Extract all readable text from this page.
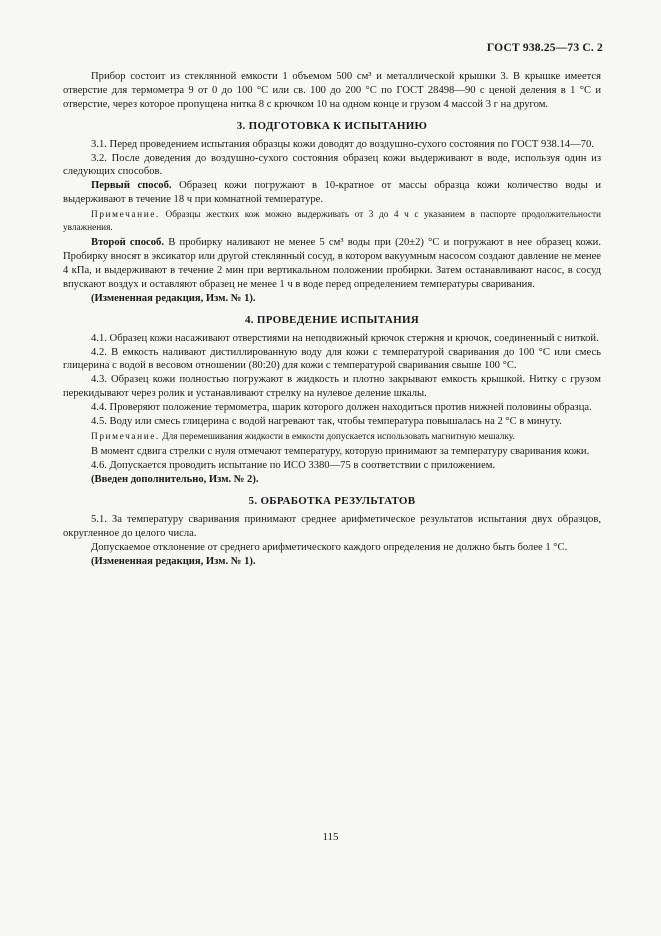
ГОСТ 938.25—73 С. 2

Прибор состоит из стеклянной емкости 1 объемом 500 см³ и металлической крышки 3. В крышке имеется отверстие для термометра 9 от 0 до 100 °С или св. 100 до 200 °С по ГОСТ 28498—90 с ценой деления в 1 °С и отверстие, через которое пропущена нитка 8 с крючком 10 на одном конце и грузом 4 массой 3 г на другом.

3. ПОДГОТОВКА К ИСПЫТАНИЮ

3.1. Перед проведением испытания образцы кожи доводят до воздушно-сухого состояния по ГОСТ 938.14—70.

3.2. После доведения до воздушно-сухого состояния образец кожи выдерживают в воде, используя один из следующих способов.

Первый способ. Образец кожи погружают в 10-кратное от массы образца кожи количество воды и выдерживают в течение 18 ч при комнатной температуре.

Примечание. Образцы жестких кож можно выдерживать от 3 до 4 ч с указанием в паспорте продолжительности увлажнения.

Второй способ. В пробирку наливают не менее 5 см³ воды при (20±2) °С и погружают в нее образец кожи. Пробирку вносят в эксикатор или другой стеклянный сосуд, в котором вакуумным насосом создают давление не менее 4 кПа, и выдерживают в течение 2 мин при вертикальном положении пробирки. Затем останавливают насос, в сосуд впускают воздух и оставляют образец не менее 1 ч в воде перед определением температуры сваривания.

(Измененная редакция, Изм. № 1).

4. ПРОВЕДЕНИЕ ИСПЫТАНИЯ

4.1. Образец кожи насаживают отверстиями на неподвижный крючок стержня и крючок, соединенный с ниткой.

4.2. В емкость наливают дистиллированную воду для кожи с температурой сваривания до 100 °С или смесь глицерина с водой в весовом отношении (80:20) для кожи с температурой сваривания свыше 100 °С.

4.3. Образец кожи полностью погружают в жидкость и плотно закрывают емкость крышкой. Нитку с грузом перекидывают через ролик и устанавливают стрелку на нулевое деление шкалы.

4.4. Проверяют положение термометра, шарик которого должен находиться против нижней половины образца.

4.5. Воду или смесь глицерина с водой нагревают так, чтобы температура повышалась на 2 °С в минуту.

Примечание. Для перемешивания жидкости в емкости допускается использовать магнитную мешалку.

В момент сдвига стрелки с нуля отмечают температуру, которую принимают за температуру сваривания кожи.

4.6. Допускается проводить испытание по ИСО 3380—75 в соответствии с приложением.

(Введен дополнительно, Изм. № 2).

5. ОБРАБОТКА РЕЗУЛЬТАТОВ

5.1. За температуру сваривания принимают среднее арифметическое результатов испытания двух образцов, округленное до целого числа.

Допускаемое отклонение от среднего арифметического каждого определения не должно быть более 1 °С.

(Измененная редакция, Изм. № 1).

115
